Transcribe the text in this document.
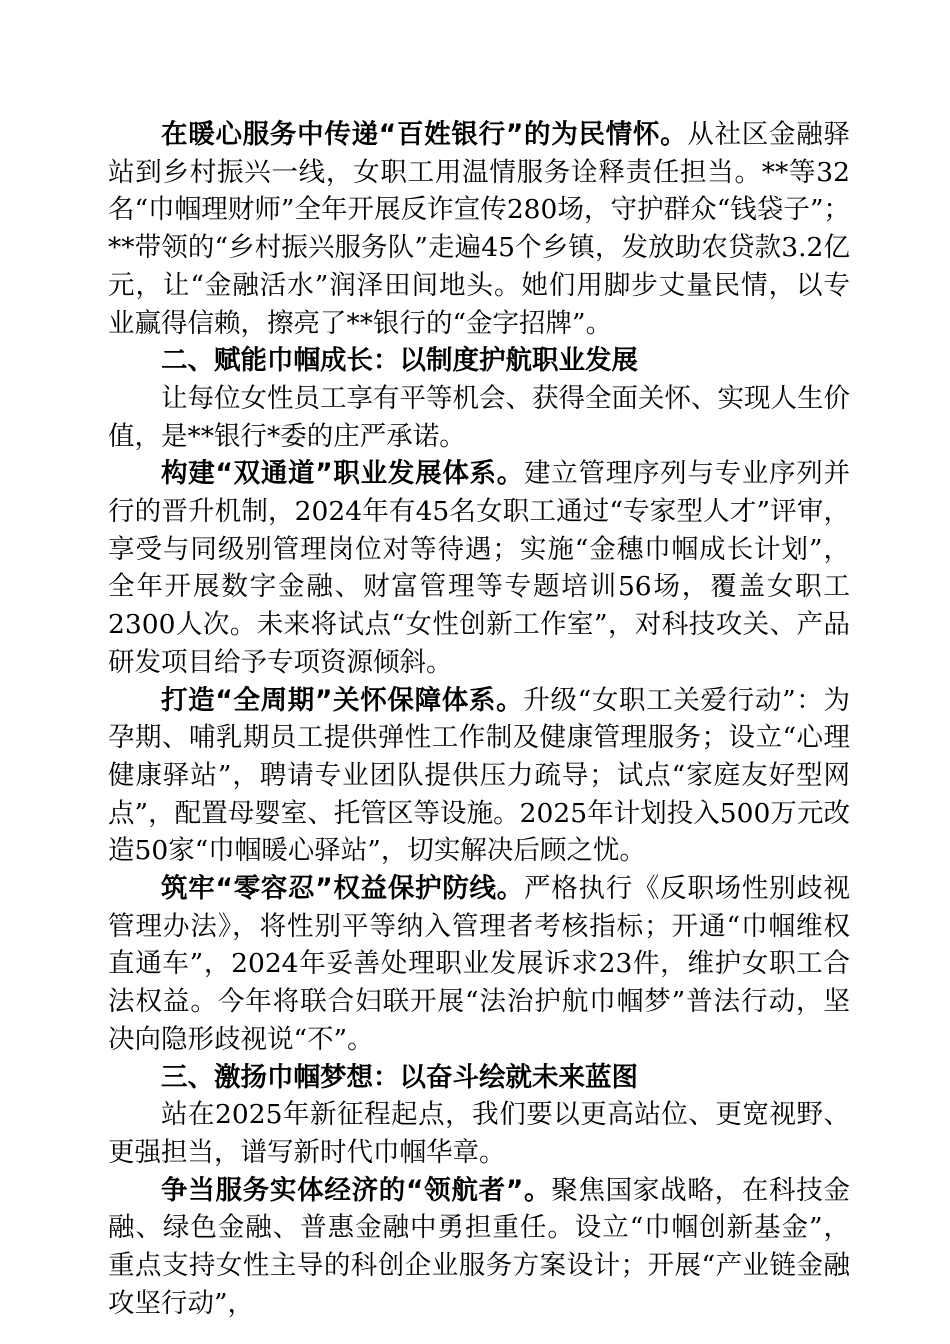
在暖心服务中传递“百姓银行”的为民情怀。从社区金融驿站到乡村振兴一线，女职工用温情服务诠释责任担当。**等32名“巾帼理财师”全年开展反诈宣传280场，守护群众“钱袋子”；**带领的“乡村振兴服务队”走遍45个乡镇，发放助农贷款3.2亿元，让“金融活水”润泽田间地头。她们用脚步丈量民情，以专业赢得信赖，擦亮了**银行的“金字招牌”。

二、赋能巾帼成长：以制度护航职业发展

让每位女性员工享有平等机会、获得全面关怀、实现人生价值，是**银行*委的庄严承诺。

构建“双通道”职业发展体系。建立管理序列与专业序列并行的晋升机制，2024年有45名女职工通过“专家型人才”评审，享受与同级别管理岗位对等待遇；实施“金穗巾帼成长计划”，全年开展数字金融、财富管理等专题培训56场，覆盖女职工2300人次。未来将试点“女性创新工作室”，对科技攻关、产品研发项目给予专项资源倾斜。

打造“全周期”关怀保障体系。升级“女职工关爱行动”：为孕期、哺乳期员工提供弹性工作制及健康管理服务；设立“心理健康驿站”，聘请专业团队提供压力疏导；试点“家庭友好型网点”，配置母婴室、托管区等设施。2025年计划投入500万元改造50家“巾帼暖心驿站”，切实解决后顾之忧。

筑牢“零容忍”权益保护防线。严格执行《反职场性别歧视管理办法》，将性别平等纳入管理者考核指标；开通“巾帼维权直通车”，2024年妥善处理职业发展诉求23件，维护女职工合法权益。今年将联合妇联开展“法治护航巾帼梦”普法行动，坚决向隐形歧视说“不”。

三、激扬巾帼梦想：以奋斗绘就未来蓝图

站在2025年新征程起点，我们要以更高站位、更宽视野、更强担当，谱写新时代巾帼华章。

争当服务实体经济的“领航者”。聚焦国家战略，在科技金融、绿色金融、普惠金融中勇担重任。设立“巾帼创新基金”，重点支持女性主导的科创企业服务方案设计；开展“产业链金融攻坚行动”，
